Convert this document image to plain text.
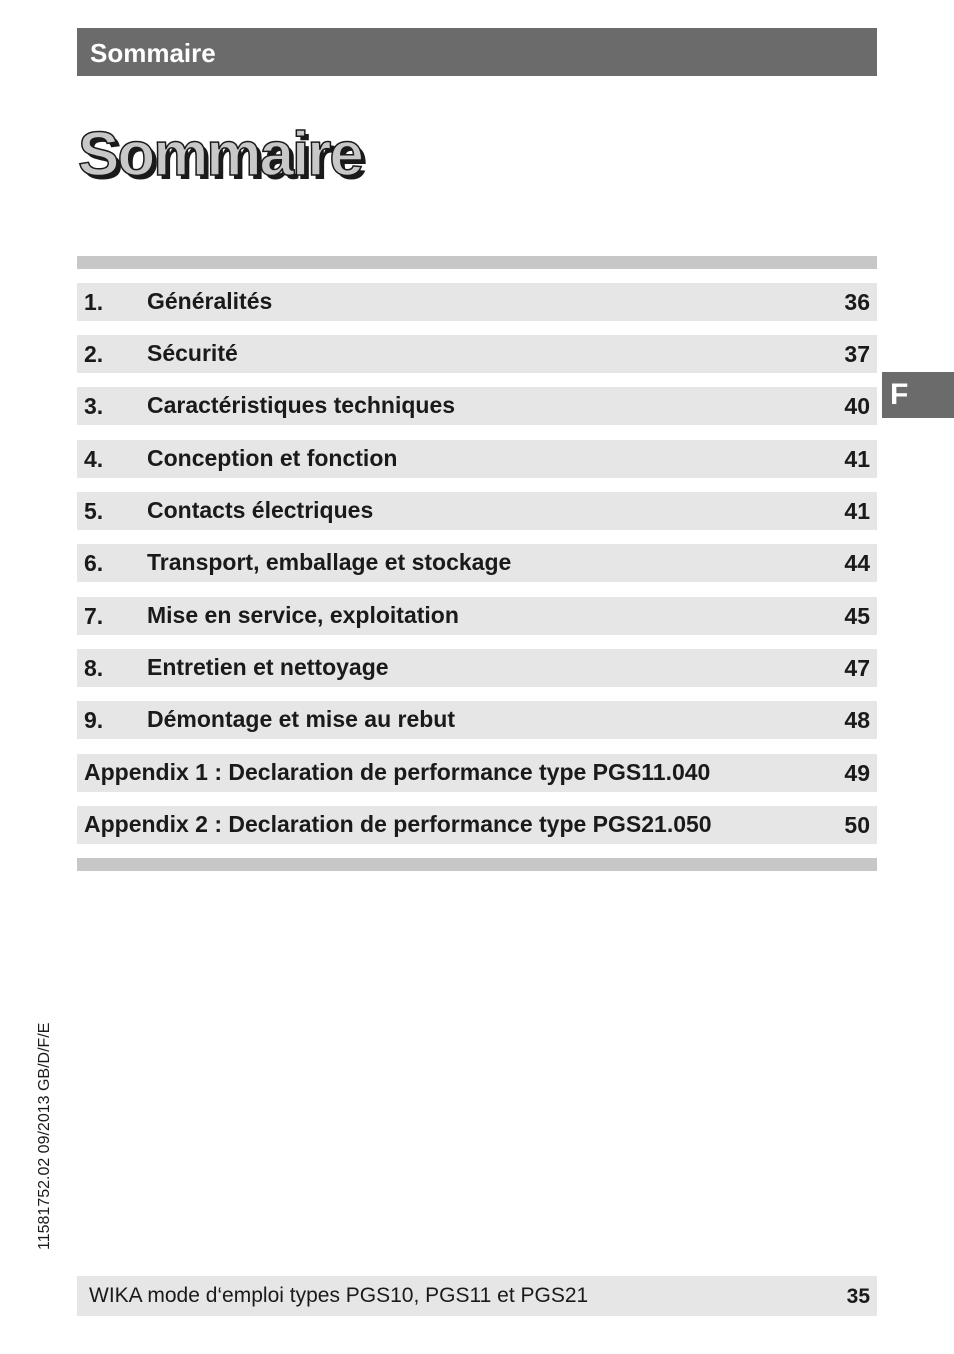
Sommaire
Sommaire
1. Généralités	36
2. Sécurité	37
3. Caractéristiques techniques	40
4. Conception et fonction	41
5. Contacts électriques	41
6. Transport, emballage et stockage	44
7. Mise en service, exploitation	45
8. Entretien et nettoyage	47
9. Démontage et mise au rebut	48
Appendix 1 : Declaration de performance type PGS11.040	49
Appendix 2 : Declaration de performance type PGS21.050	50
F
11581752.02 09/2013 GB/D/F/E
WIKA mode d‘emploi types PGS10, PGS11 et PGS21	35
